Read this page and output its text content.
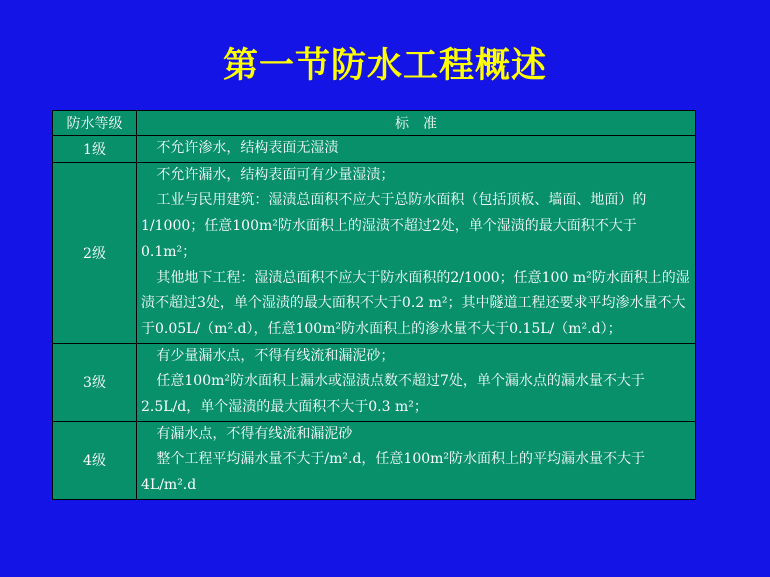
第一节防水工程概述
防水等级	标　准
1级	不允许渗水，结构表面无湿渍

2级	不允许漏水，结构表面可有少量湿渍；
工业与民用建筑：湿渍总面积不应大于总防水面积（包括顶板、墙面、地面）的1/1000；任意100m²防水面积上的湿渍不超过2处，单个湿渍的最大面积不大于0.1m²；
其他地下工程：湿渍总面积不应大于防水面积的2/1000；任意100 m²防水面积上的湿渍不超过3处，单个湿渍的最大面积不大于0.2 m²；其中隧道工程还要求平均渗水量不大于0.05L/（m².d），任意100m²防水面积上的渗水量不大于0.15L/（m².d）；

3级	有少量漏水点，不得有线流和漏泥砂；
任意100m²防水面积上漏水或湿渍点数不超过7处，单个漏水点的漏水量不大于2.5L/d，单个湿渍的最大面积不大于0.3 m²；

4级	有漏水点，不得有线流和漏泥砂
整个工程平均漏水量不大于/m².d，任意100m²防水面积上的平均漏水量不大于4L/m².d
